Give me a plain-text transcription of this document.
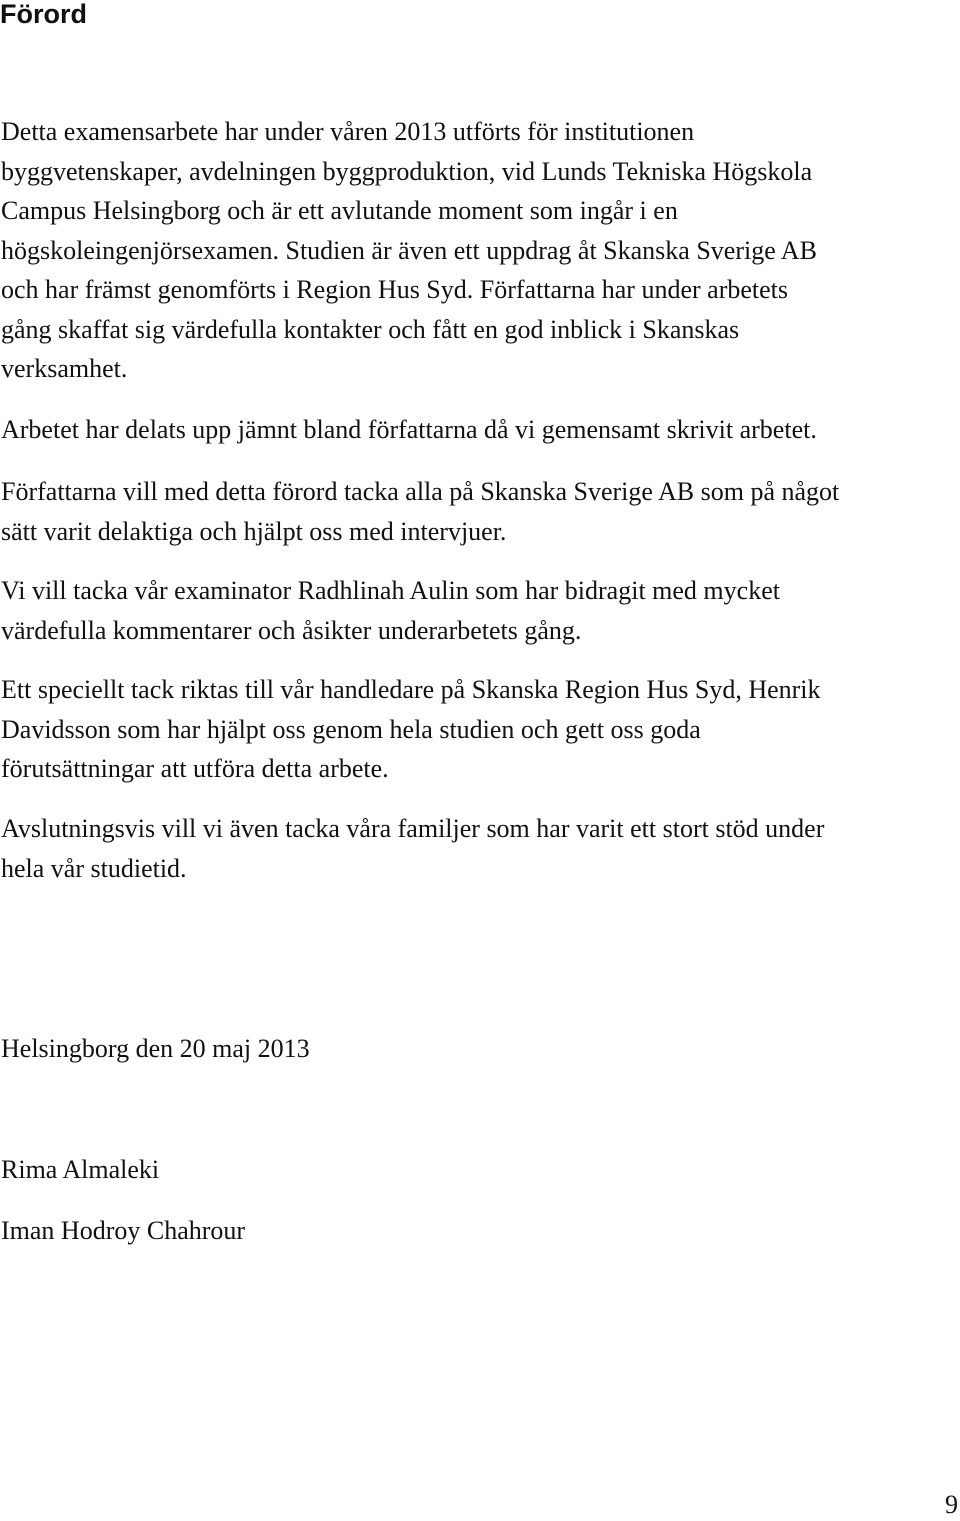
Förord

Detta examensarbete har under våren 2013 utförts för institutionen
byggvetenskaper, avdelningen byggproduktion, vid Lunds Tekniska Högskola
Campus Helsingborg och är ett avlutande moment som ingår i en
högskoleingenjörsexamen. Studien är även ett uppdrag åt Skanska Sverige AB
och har främst genomförts i Region Hus Syd. Författarna har under arbetets
gång skaffat sig värdefulla kontakter och fått en god inblick i Skanskas
verksamhet.

Arbetet har delats upp jämnt bland författarna då vi gemensamt skrivit arbetet.

Författarna vill med detta förord tacka alla på Skanska Sverige AB som på något
sätt varit delaktiga och hjälpt oss med intervjuer.

Vi vill tacka vår examinator Radhlinah Aulin som har bidragit med mycket
värdefulla kommentarer och åsikter underarbetets gång.

Ett speciellt tack riktas till vår handledare på Skanska Region Hus Syd, Henrik
Davidsson som har hjälpt oss genom hela studien och gett oss goda
förutsättningar att utföra detta arbete.

Avslutningsvis vill vi även tacka våra familjer som har varit ett stort stöd under
hela vår studietid.

Helsingborg den 20 maj 2013

Rima Almaleki

Iman Hodroy Chahrour

9
